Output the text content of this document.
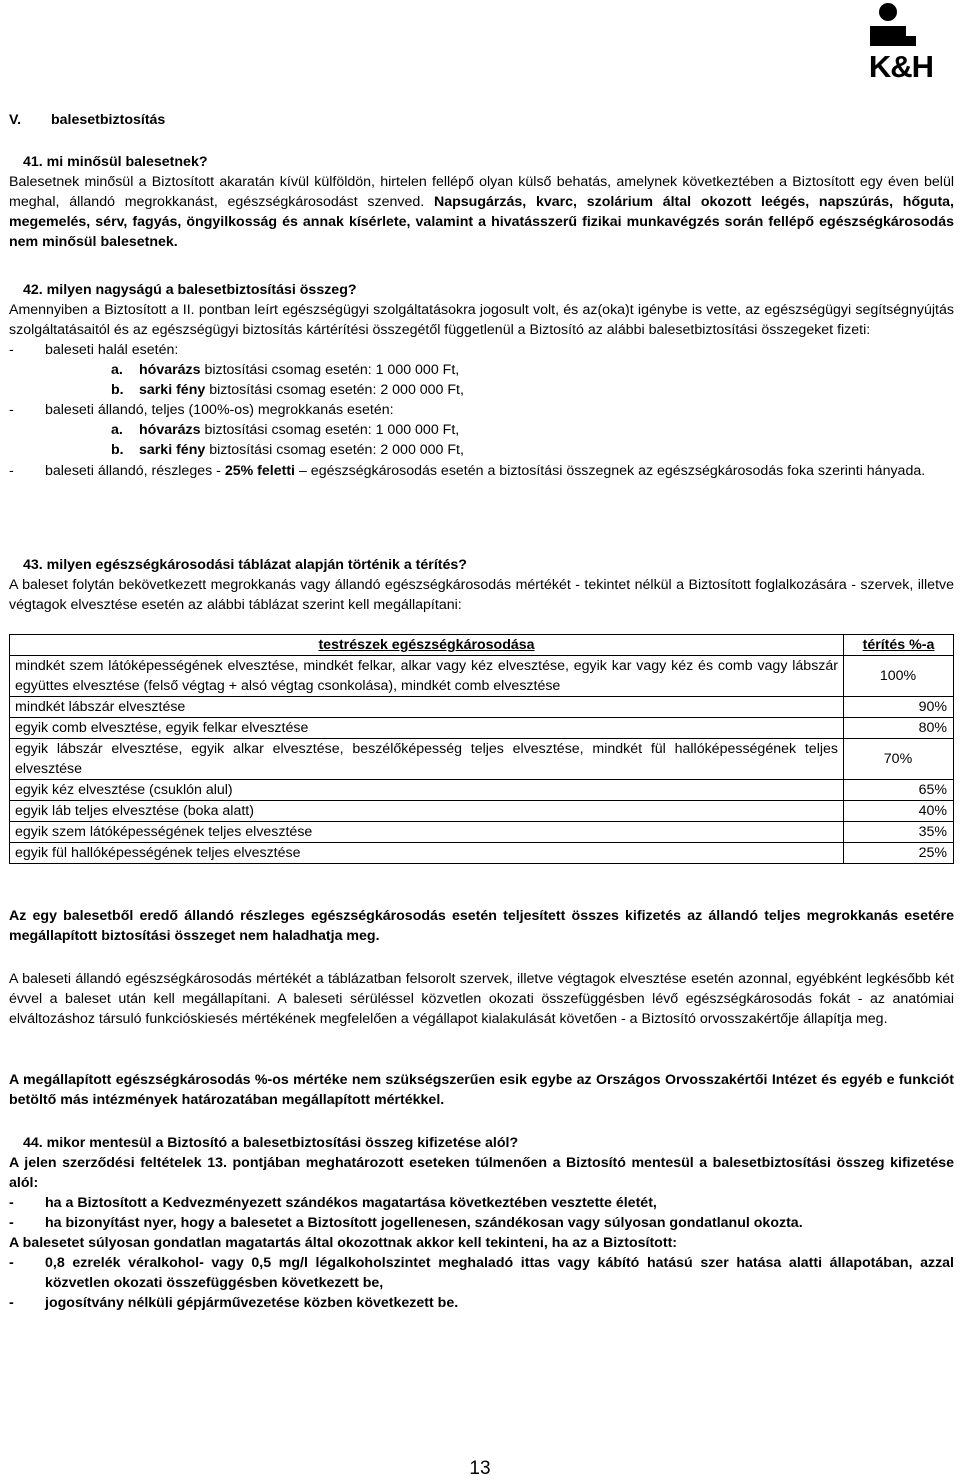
K&H
V. balesetbiztosítás

41. mi minősül balesetnek?

Balesetnek minősül a Biztosított akaratán kívül külföldön, hirtelen fellépő olyan külső behatás, amelynek következtében a Biztosított egy éven belül meghal, állandó megrokkanást, egészségkárosodást szenved. Napsugárzás, kvarc, szolárium által okozott leégés, napszúrás, hőguta, megemelés, sérv, fagyás, öngyilkosság és annak kísérlete, valamint a hivatásszerű fizikai munkavégzés során fellépő egészségkárosodás nem minősül balesetnek.

42. milyen nagyságú a balesetbiztosítási összeg?

Amennyiben a Biztosított a II. pontban leírt egészségügyi szolgáltatásokra jogosult volt, és az(oka)t igénybe is vette, az egészségügyi segítségnyújtás szolgáltatásaitól és az egészségügyi biztosítás kártérítési összegétől függetlenül a Biztosító az alábbi balesetbiztosítási összegeket fizeti:

-	baleseti halál esetén:
a. hóvarázs biztosítási csomag esetén: 1 000 000 Ft,
b. sarki fény biztosítási csomag esetén: 2 000 000 Ft,
-	baleseti állandó, teljes (100%-os) megrokkanás esetén:
a. hóvarázs biztosítási csomag esetén: 1 000 000 Ft,
b. sarki fény biztosítási csomag esetén: 2 000 000 Ft,
-	baleseti állandó, részleges - 25% feletti – egészségkárosodás esetén a biztosítási összegnek az egészségkárosodás foka szerinti hányada.

43. milyen egészségkárosodási táblázat alapján történik a térítés?

A baleset folytán bekövetkezett megrokkanás vagy állandó egészségkárosodás mértékét - tekintet nélkül a Biztosított foglalkozására - szervek, illetve végtagok elvesztése esetén az alábbi táblázat szerint kell megállapítani:

testrészek egészségkárosodása	térítés %-a
mindkét szem látóképességének elvesztése, mindkét felkar, alkar vagy kéz elvesztése, egyik kar vagy kéz és comb vagy lábszár együttes elvesztése (felső végtag + alsó végtag csonkolása), mindkét comb elvesztése	100%
mindkét lábszár elvesztése	90%
egyik comb elvesztése, egyik felkar elvesztése	80%
egyik lábszár elvesztése, egyik alkar elvesztése, beszélőképesség teljes elvesztése, mindkét fül hallóképességének teljes elvesztése	70%
egyik kéz elvesztése (csuklón alul)	65%
egyik láb teljes elvesztése (boka alatt)	40%
egyik szem látóképességének teljes elvesztése	35%
egyik fül hallóképességének teljes elvesztése	25%

Az egy balesetből eredő állandó részleges egészségkárosodás esetén teljesített összes kifizetés az állandó teljes megrokkanás esetére megállapított biztosítási összeget nem haladhatja meg.

A baleseti állandó egészségkárosodás mértékét a táblázatban felsorolt szervek, illetve végtagok elvesztése esetén azonnal, egyébként legkésőbb két évvel a baleset után kell megállapítani. A baleseti sérüléssel közvetlen okozati összefüggésben lévő egészségkárosodás fokát - az anatómiai elváltozáshoz társuló funkcióskiesés mértékének megfelelően a végállapot kialakulását követően - a Biztosító orvosszakértője állapítja meg.

A megállapított egészségkárosodás %-os mértéke nem szükségszerűen esik egybe az Országos Orvosszakértői Intézet és egyéb e funkciót betöltő más intézmények határozatában megállapított mértékkel.

44. mikor mentesül a Biztosító a balesetbiztosítási összeg kifizetése alól?

A jelen szerződési feltételek 13. pontjában meghatározott eseteken túlmenően a Biztosító mentesül a balesetbiztosítási összeg kifizetése alól:

-	ha a Biztosított a Kedvezményezett szándékos magatartása következtében vesztette életét,
-	ha bizonyítást nyer, hogy a balesetet a Biztosított jogellenesen, szándékosan vagy súlyosan gondatlanul okozta.

A balesetet súlyosan gondatlan magatartás által okozottnak akkor kell tekinteni, ha az a Biztosított:

-	0,8 ezrelék véralkohol- vagy 0,5 mg/l légalkoholszintet meghaladó ittas vagy kábító hatású szer hatása alatti állapotában, azzal közvetlen okozati összefüggésben következett be,
-	jogosítvány nélküli gépjárművezetése közben következett be.
13
